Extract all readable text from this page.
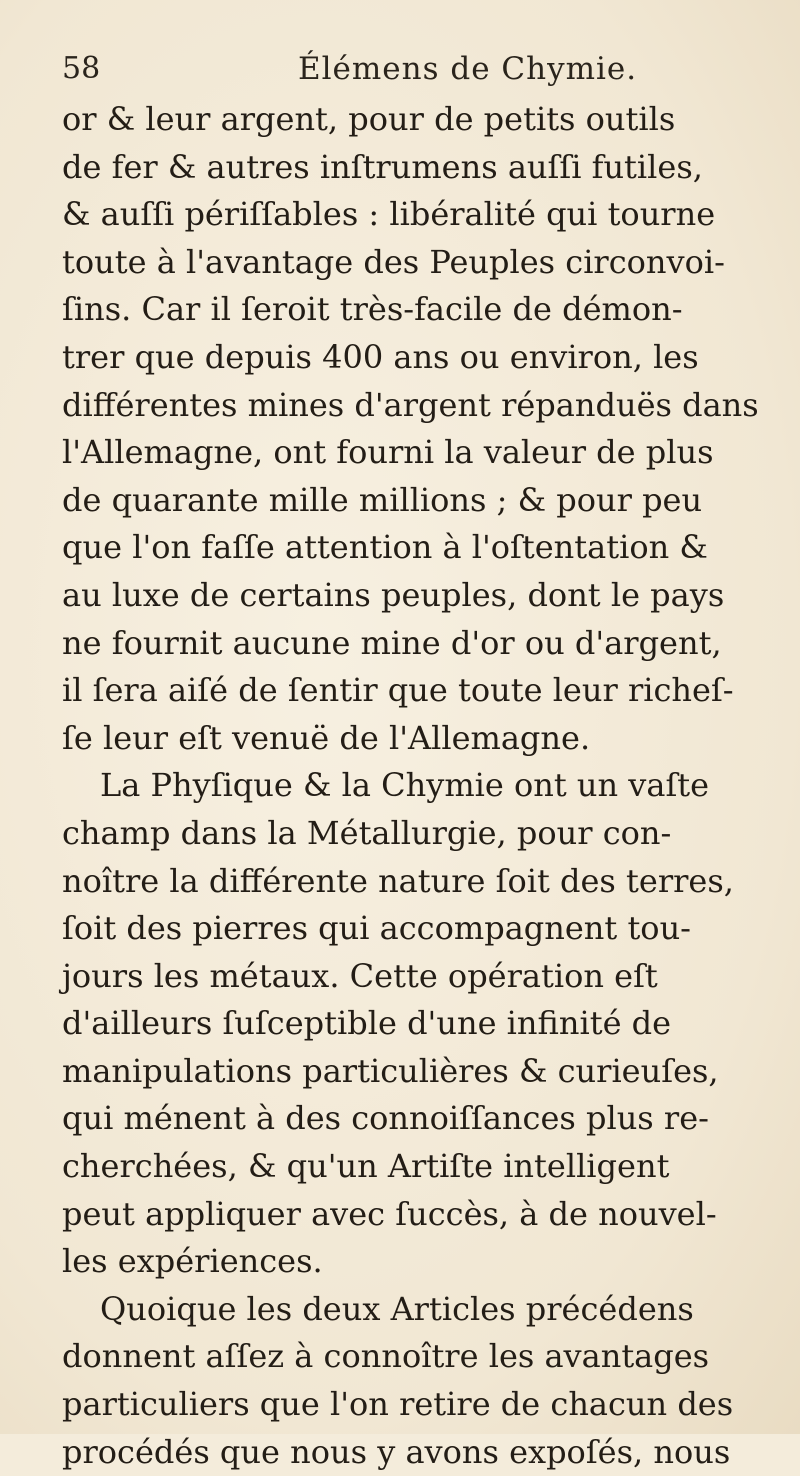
58	Élémens de Chymie.
or & leur argent, pour de petits outils
de fer & autres inſtrumens auſſi futiles,
& auſſi périſſables : libéralité qui tourne
toute à l'avantage des Peuples circonvoi-
ſins. Car il ſeroit très-facile de démon-
trer que depuis 400 ans ou environ, les
différentes mines d'argent répanduës dans
l'Allemagne, ont fourni la valeur de plus
de quarante mille millions ; & pour peu
que l'on faſſe attention à l'oſtentation &
au luxe de certains peuples, dont le pays
ne fournit aucune mine d'or ou d'argent,
il ſera aiſé de ſentir que toute leur richeſ-
ſe leur eſt venuë de l'Allemagne.
La Phyſique & la Chymie ont un vaſte
champ dans la Métallurgie, pour con-
noître la différente nature ſoit des terres,
ſoit des pierres qui accompagnent tou-
jours les métaux. Cette opération eſt
d'ailleurs ſuſceptible d'une infinité de
manipulations particulières & curieuſes,
qui ménent à des connoiſſances plus re-
cherchées, & qu'un Artiſte intelligent
peut appliquer avec ſuccès, à de nouvel-
les expériences.
Quoique les deux Articles précédens
donnent aſſez à connoître les avantages
particuliers que l'on retire de chacun des
procédés que nous y avons expoſés, nous
